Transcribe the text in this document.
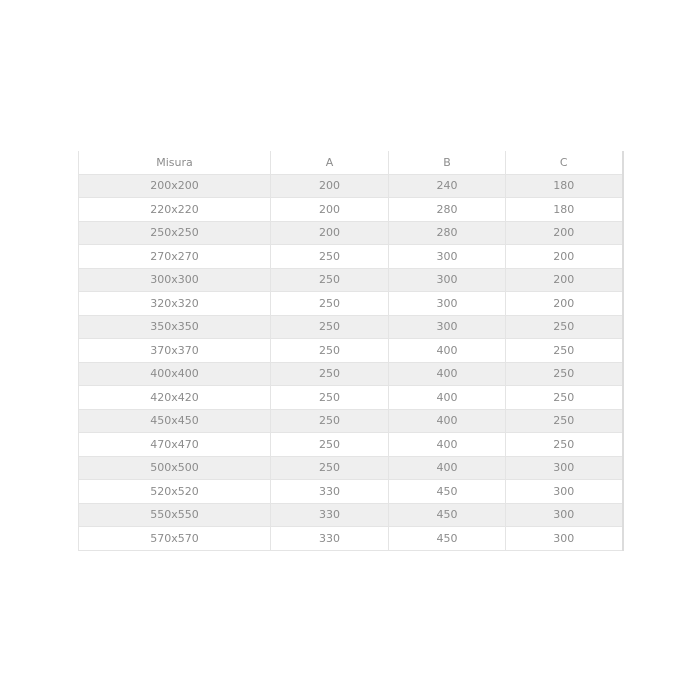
Misura	A	B	C
200x200	200	240	180
220x220	200	280	180
250x250	200	280	200
270x270	250	300	200
300x300	250	300	200
320x320	250	300	200
350x350	250	300	250
370x370	250	400	250
400x400	250	400	250
420x420	250	400	250
450x450	250	400	250
470x470	250	400	250
500x500	250	400	300
520x520	330	450	300
550x550	330	450	300
570x570	330	450	300
